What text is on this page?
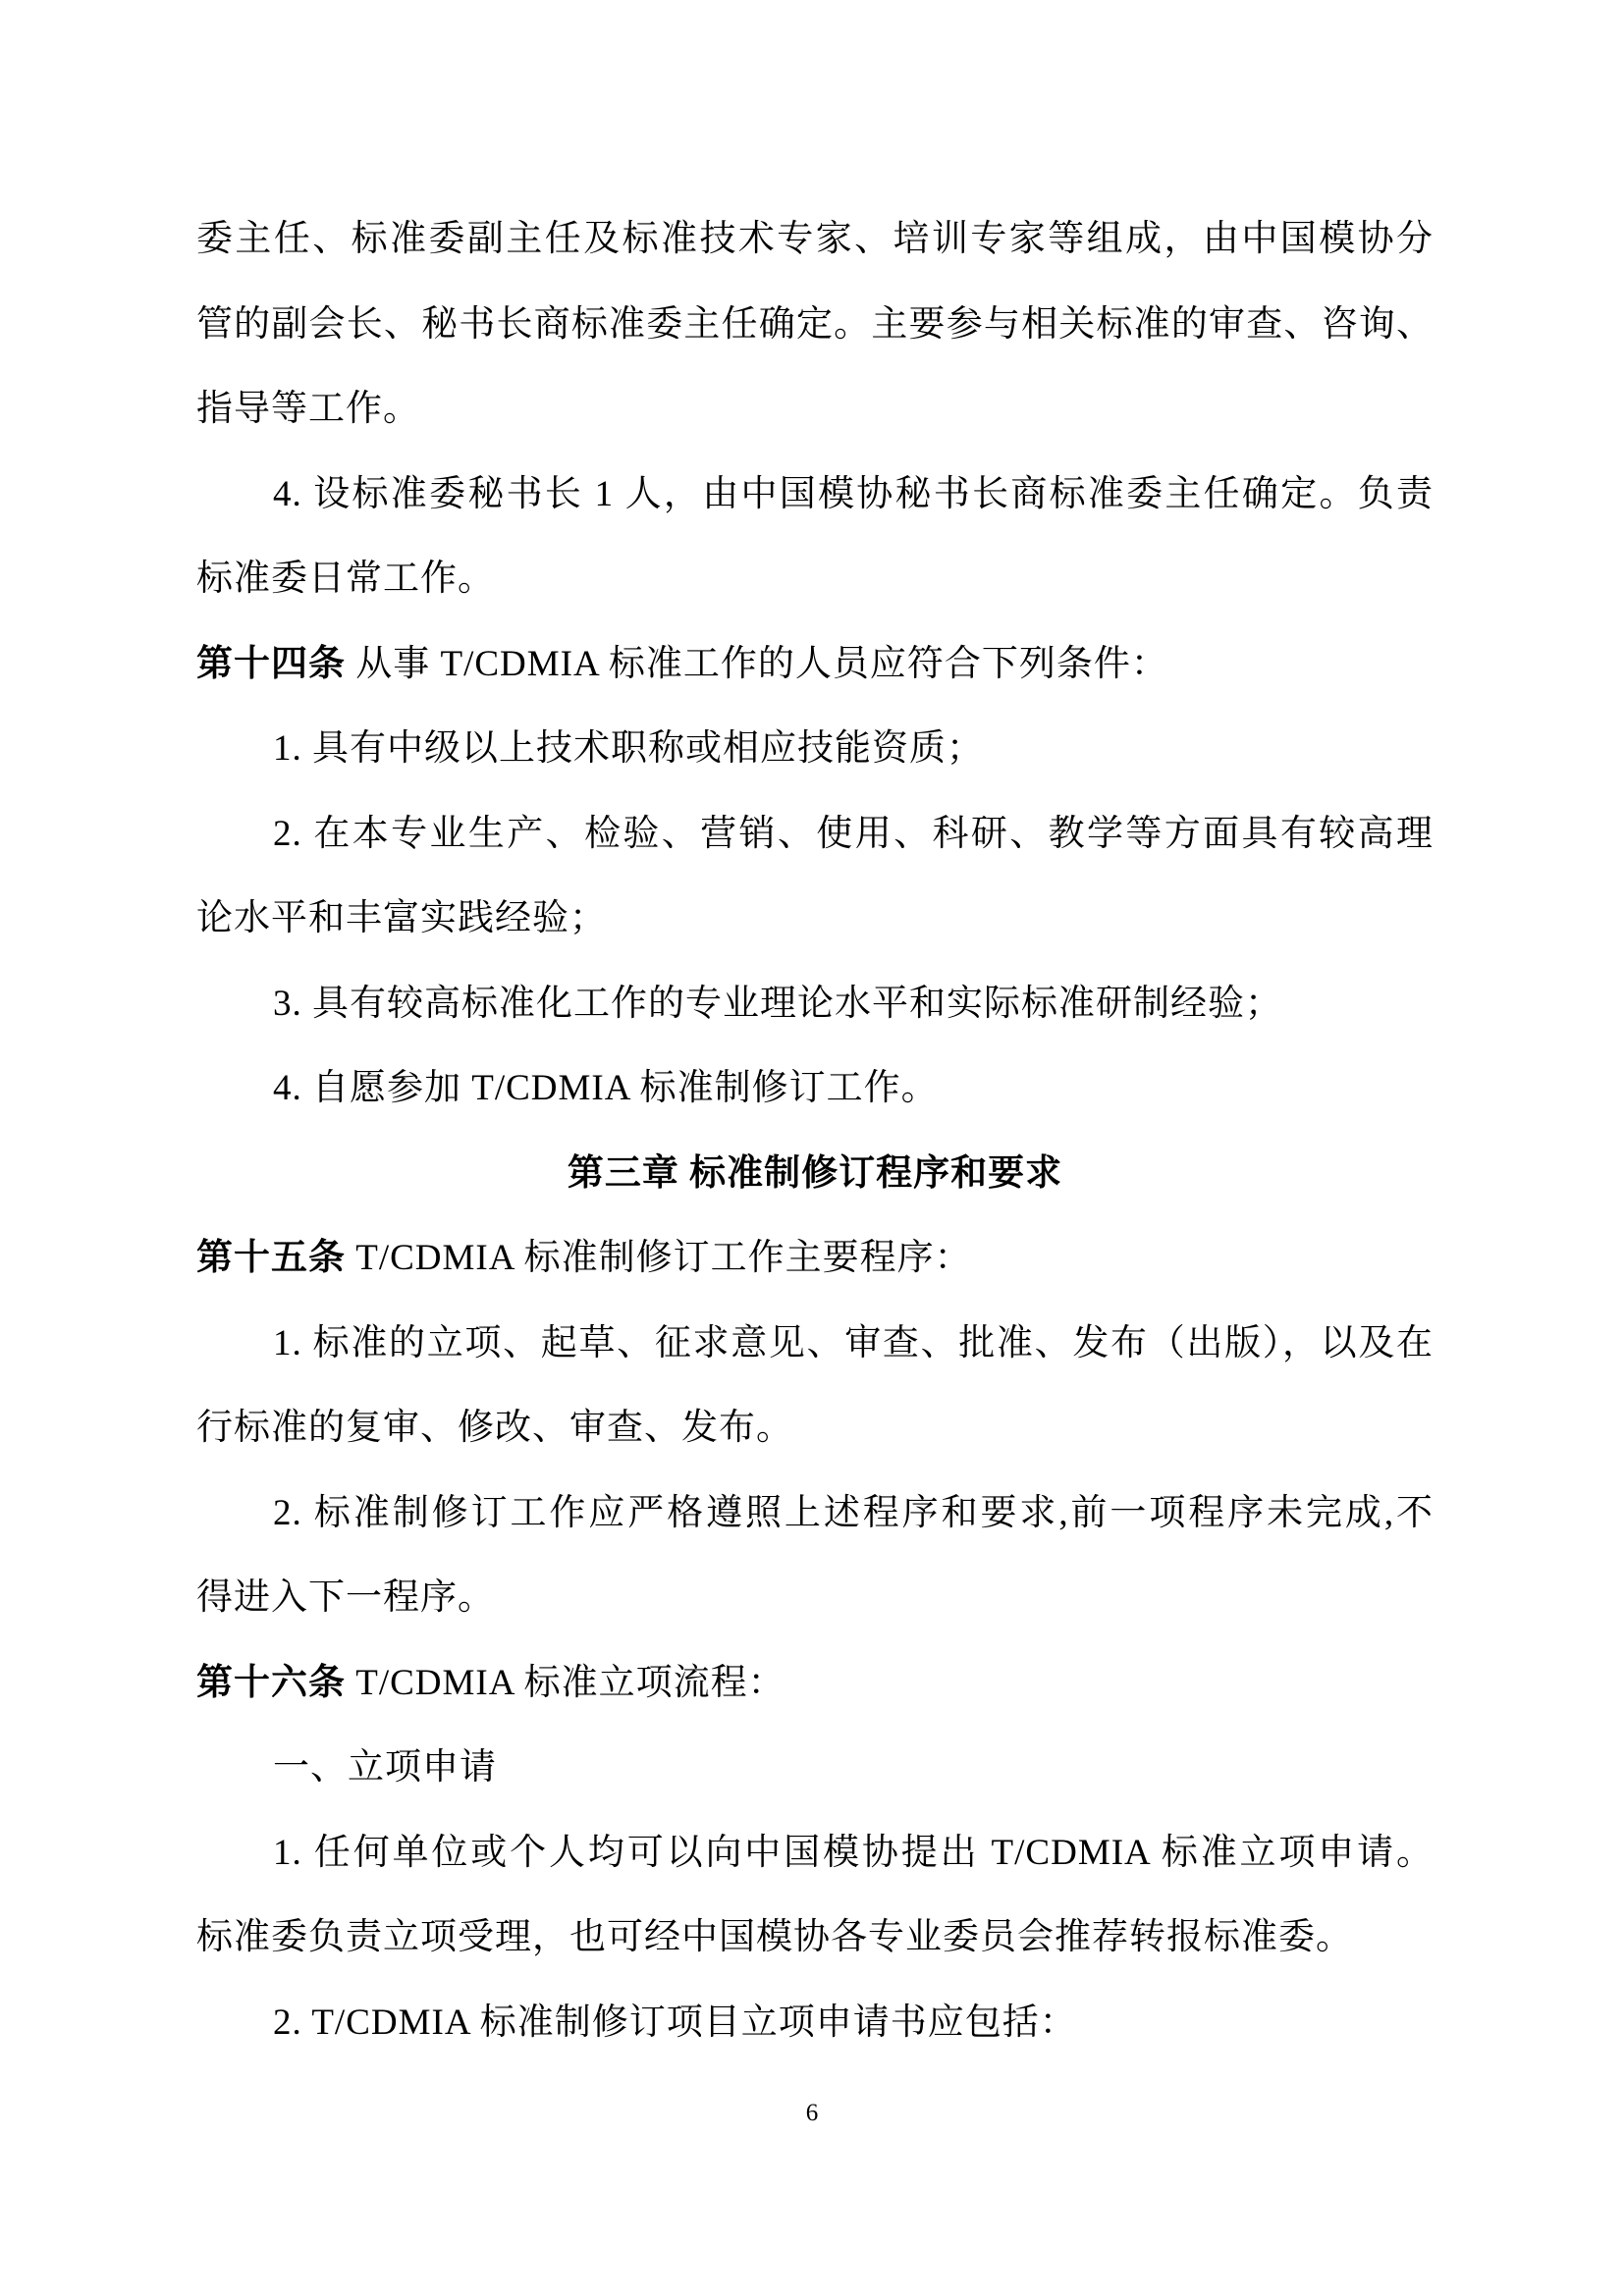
委主任、标准委副主任及标准技术专家、培训专家等组成，由中国模协分

管的副会长、秘书长商标准委主任确定。主要参与相关标准的审查、咨询、

指导等工作。

4. 设标准委秘书长 1 人，由中国模协秘书长商标准委主任确定。负责

标准委日常工作。

第十四条 从事 T/CDMIA 标准工作的人员应符合下列条件：

1. 具有中级以上技术职称或相应技能资质；

2. 在本专业生产、检验、营销、使用、科研、教学等方面具有较高理

论水平和丰富实践经验；

3. 具有较高标准化工作的专业理论水平和实际标准研制经验；

4. 自愿参加 T/CDMIA 标准制修订工作。

第三章 标准制修订程序和要求

第十五条 T/CDMIA 标准制修订工作主要程序：

1. 标准的立项、起草、征求意见、审查、批准、发布（出版），以及在

行标准的复审、修改、审查、发布。

2. 标准制修订工作应严格遵照上述程序和要求,前一项程序未完成,不

得进入下一程序。

第十六条 T/CDMIA 标准立项流程：

一、立项申请

1. 任何单位或个人均可以向中国模协提出 T/CDMIA 标准立项申请。

标准委负责立项受理，也可经中国模协各专业委员会推荐转报标准委。

2. T/CDMIA 标准制修订项目立项申请书应包括：

6
